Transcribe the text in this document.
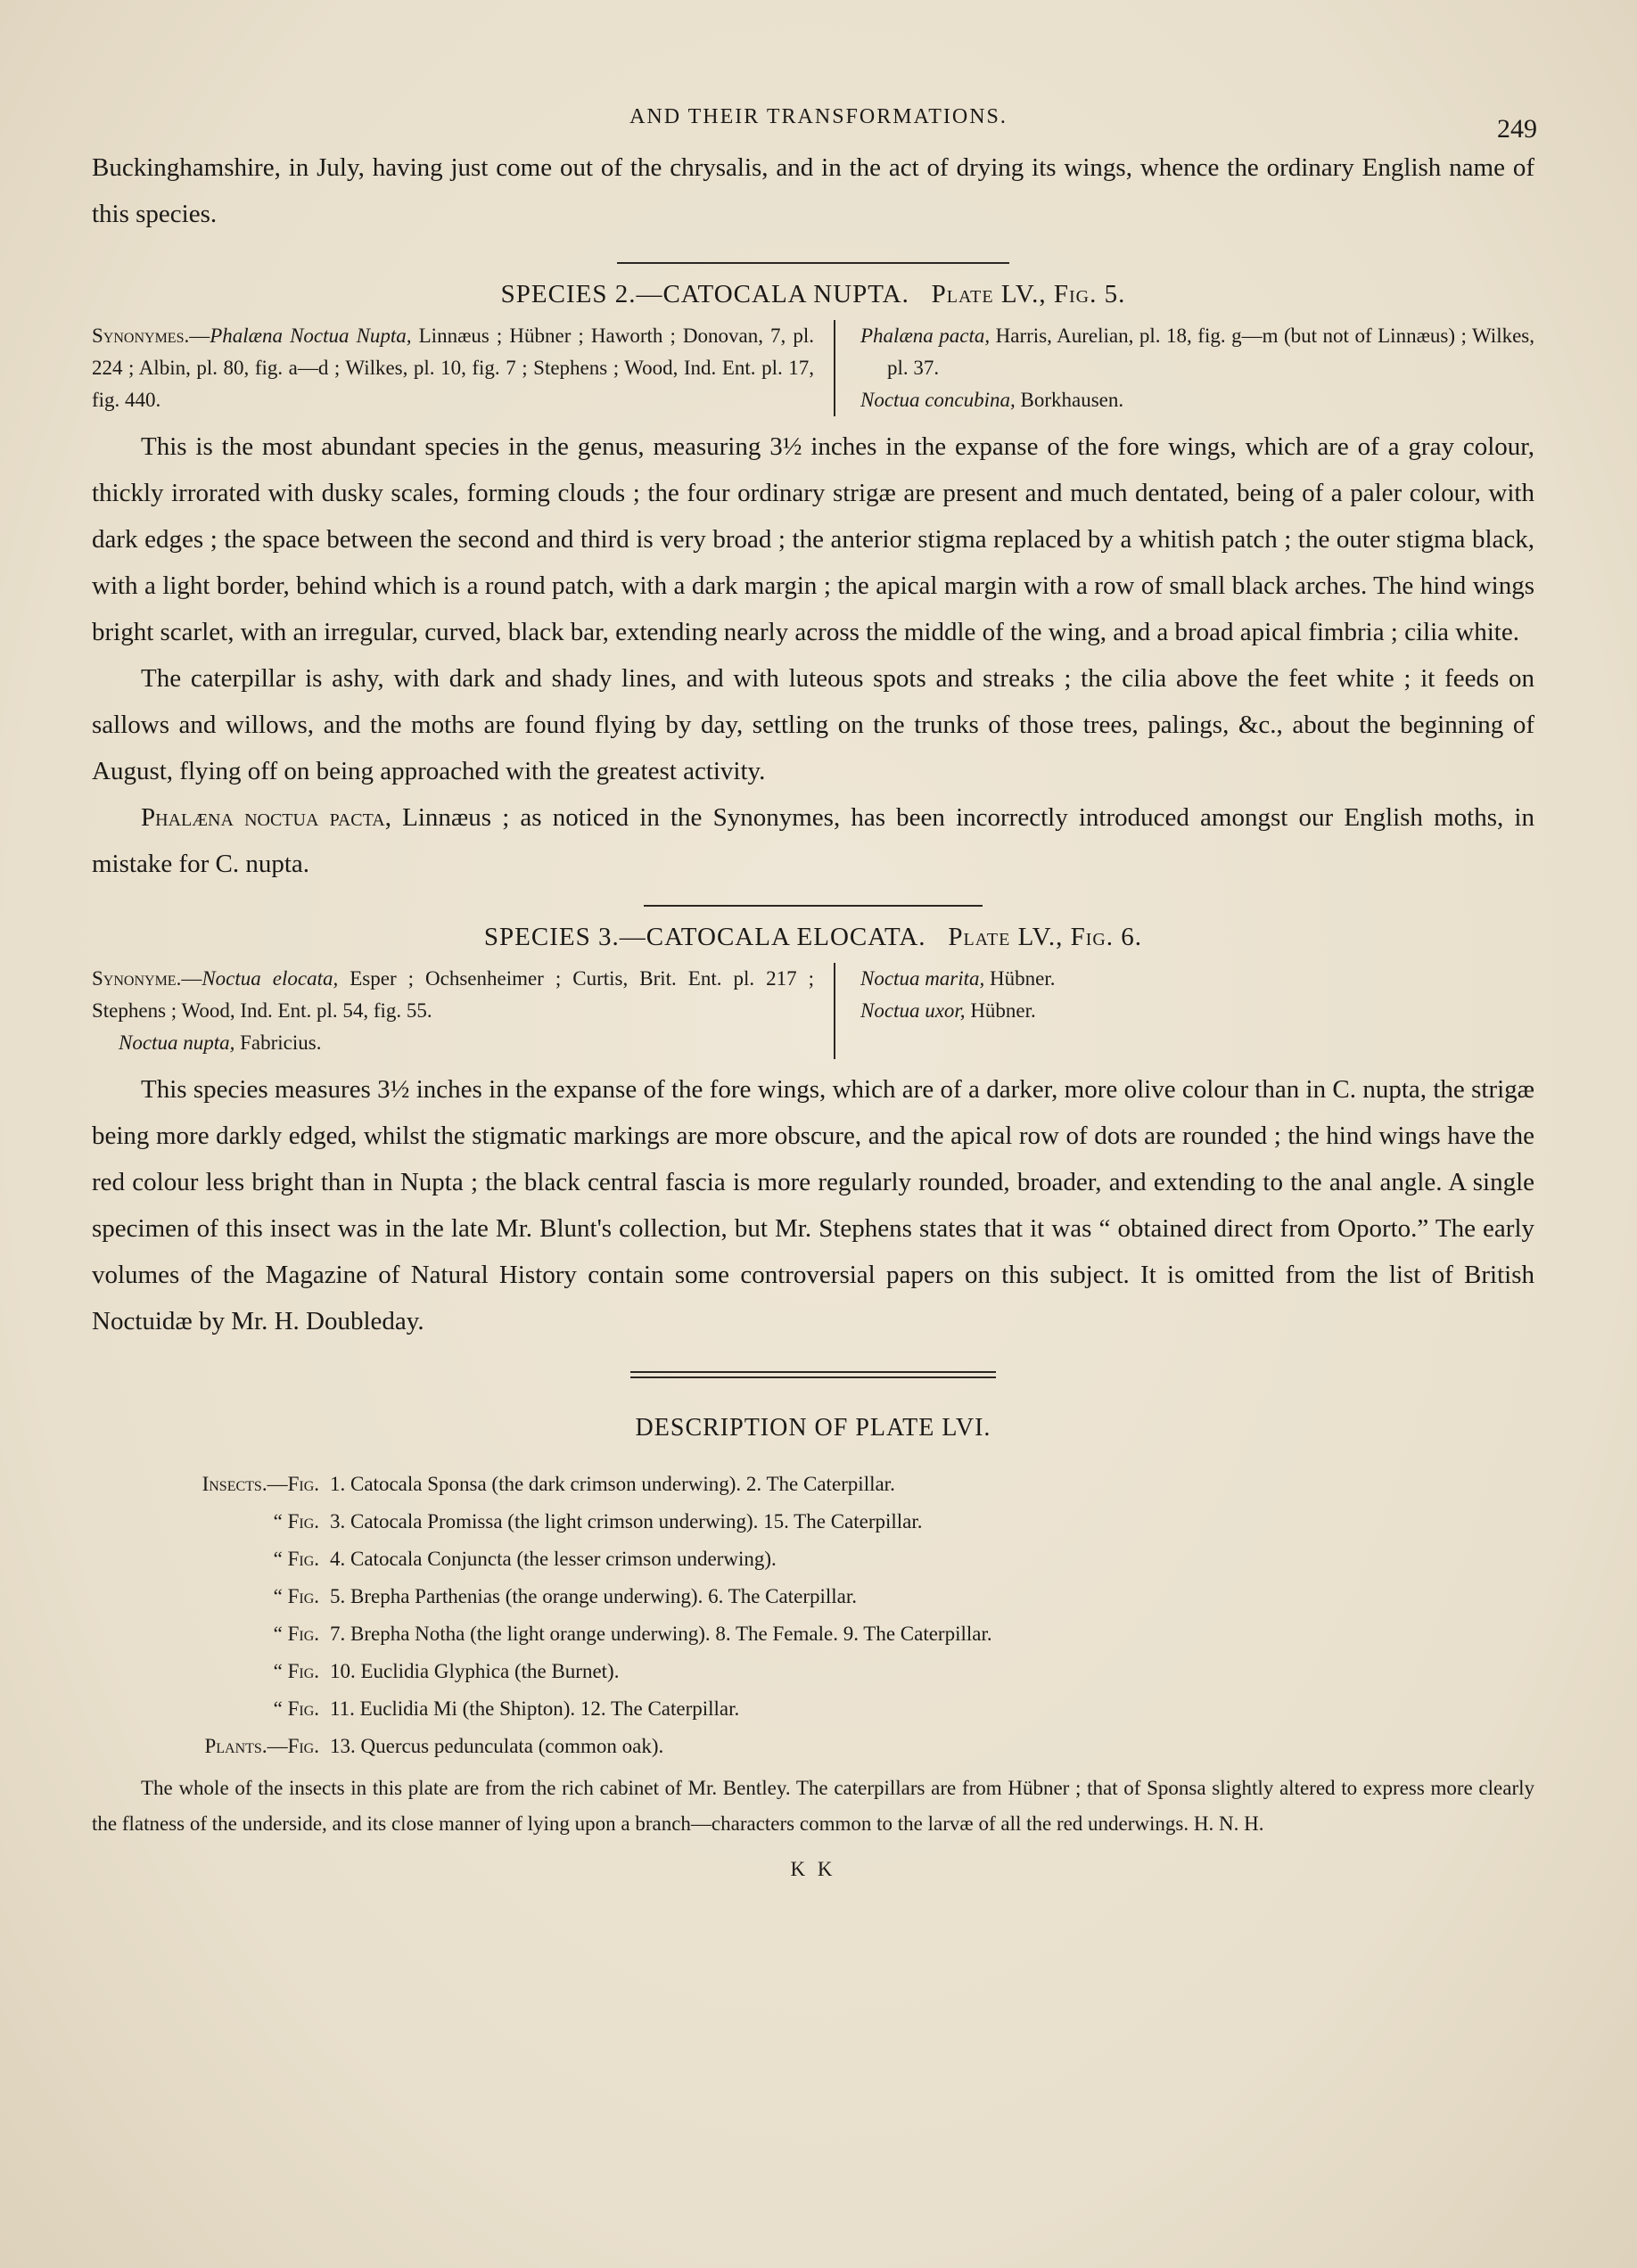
AND THEIR TRANSFORMATIONS.	249

Buckinghamshire, in July, having just come out of the chrysalis, and in the act of drying its wings, whence the ordinary English name of this species.

SPECIES 2.—CATOCALA NUPTA. Plate LV., Fig. 5.
Synonymes.—Phalæna Noctua Nupta, Linnæus ; Hübner ; Haworth ; Donovan, 7, pl. 224 ; Albin, pl. 80, fig. a—d ; Wilkes, pl. 10, fig. 7 ; Stephens ; Wood, Ind. Ent. pl. 17, fig. 440.
Phalæna pacta, Harris, Aurelian, pl. 18, fig. g—m (but not of Linnæus) ; Wilkes, pl. 37.
Noctua concubina, Borkhausen.

This is the most abundant species in the genus, measuring 3½ inches in the expanse of the fore wings, which are of a gray colour, thickly irrorated with dusky scales, forming clouds ; the four ordinary strigæ are present and much dentated, being of a paler colour, with dark edges ; the space between the second and third is very broad ; the anterior stigma replaced by a whitish patch ; the outer stigma black, with a light border, behind which is a round patch, with a dark margin ; the apical margin with a row of small black arches. The hind wings bright scarlet, with an irregular, curved, black bar, extending nearly across the middle of the wing, and a broad apical fimbria ; cilia white.

The caterpillar is ashy, with dark and shady lines, and with luteous spots and streaks ; the cilia above the feet white ; it feeds on sallows and willows, and the moths are found flying by day, settling on the trunks of those trees, palings, &c., about the beginning of August, flying off on being approached with the greatest activity.

Phalæna noctua pacta, Linnæus ; as noticed in the Synonymes, has been incorrectly introduced amongst our English moths, in mistake for C. nupta.

SPECIES 3.—CATOCALA ELOCATA. Plate LV., Fig. 6.
Synonyme.—Noctua elocata, Esper ; Ochsenheimer ; Curtis, Brit. Ent. pl. 217 ; Stephens ; Wood, Ind. Ent. pl. 54, fig. 55.
Noctua nupta, Fabricius.
Noctua marita, Hübner.
Noctua uxor, Hübner.

This species measures 3½ inches in the expanse of the fore wings, which are of a darker, more olive colour than in C. nupta, the strigæ being more darkly edged, whilst the stigmatic markings are more obscure, and the apical row of dots are rounded ; the hind wings have the red colour less bright than in Nupta ; the black central fascia is more regularly rounded, broader, and extending to the anal angle. A single specimen of this insect was in the late Mr. Blunt's collection, but Mr. Stephens states that it was “ obtained direct from Oporto.” The early volumes of the Magazine of Natural History contain some controversial papers on this subject. It is omitted from the list of British Noctuidæ by Mr. H. Doubleday.

DESCRIPTION OF PLATE LVI.
Insects.—Fig. 1. Catocala Sponsa (the dark crimson underwing). 2. The Caterpillar.
“ Fig. 3. Catocala Promissa (the light crimson underwing). 15. The Caterpillar.
“ Fig. 4. Catocala Conjuncta (the lesser crimson underwing).
“ Fig. 5. Brepha Parthenias (the orange underwing). 6. The Caterpillar.
“ Fig. 7. Brepha Notha (the light orange underwing). 8. The Female. 9. The Caterpillar.
“ Fig. 10. Euclidia Glyphica (the Burnet).
“ Fig. 11. Euclidia Mi (the Shipton). 12. The Caterpillar.
Plants.—Fig. 13. Quercus pedunculata (common oak).

The whole of the insects in this plate are from the rich cabinet of Mr. Bentley. The caterpillars are from Hübner ; that of Sponsa slightly altered to express more clearly the flatness of the underside, and its close manner of lying upon a branch—characters common to the larvæ of all the red underwings. H. N. H.

K K
